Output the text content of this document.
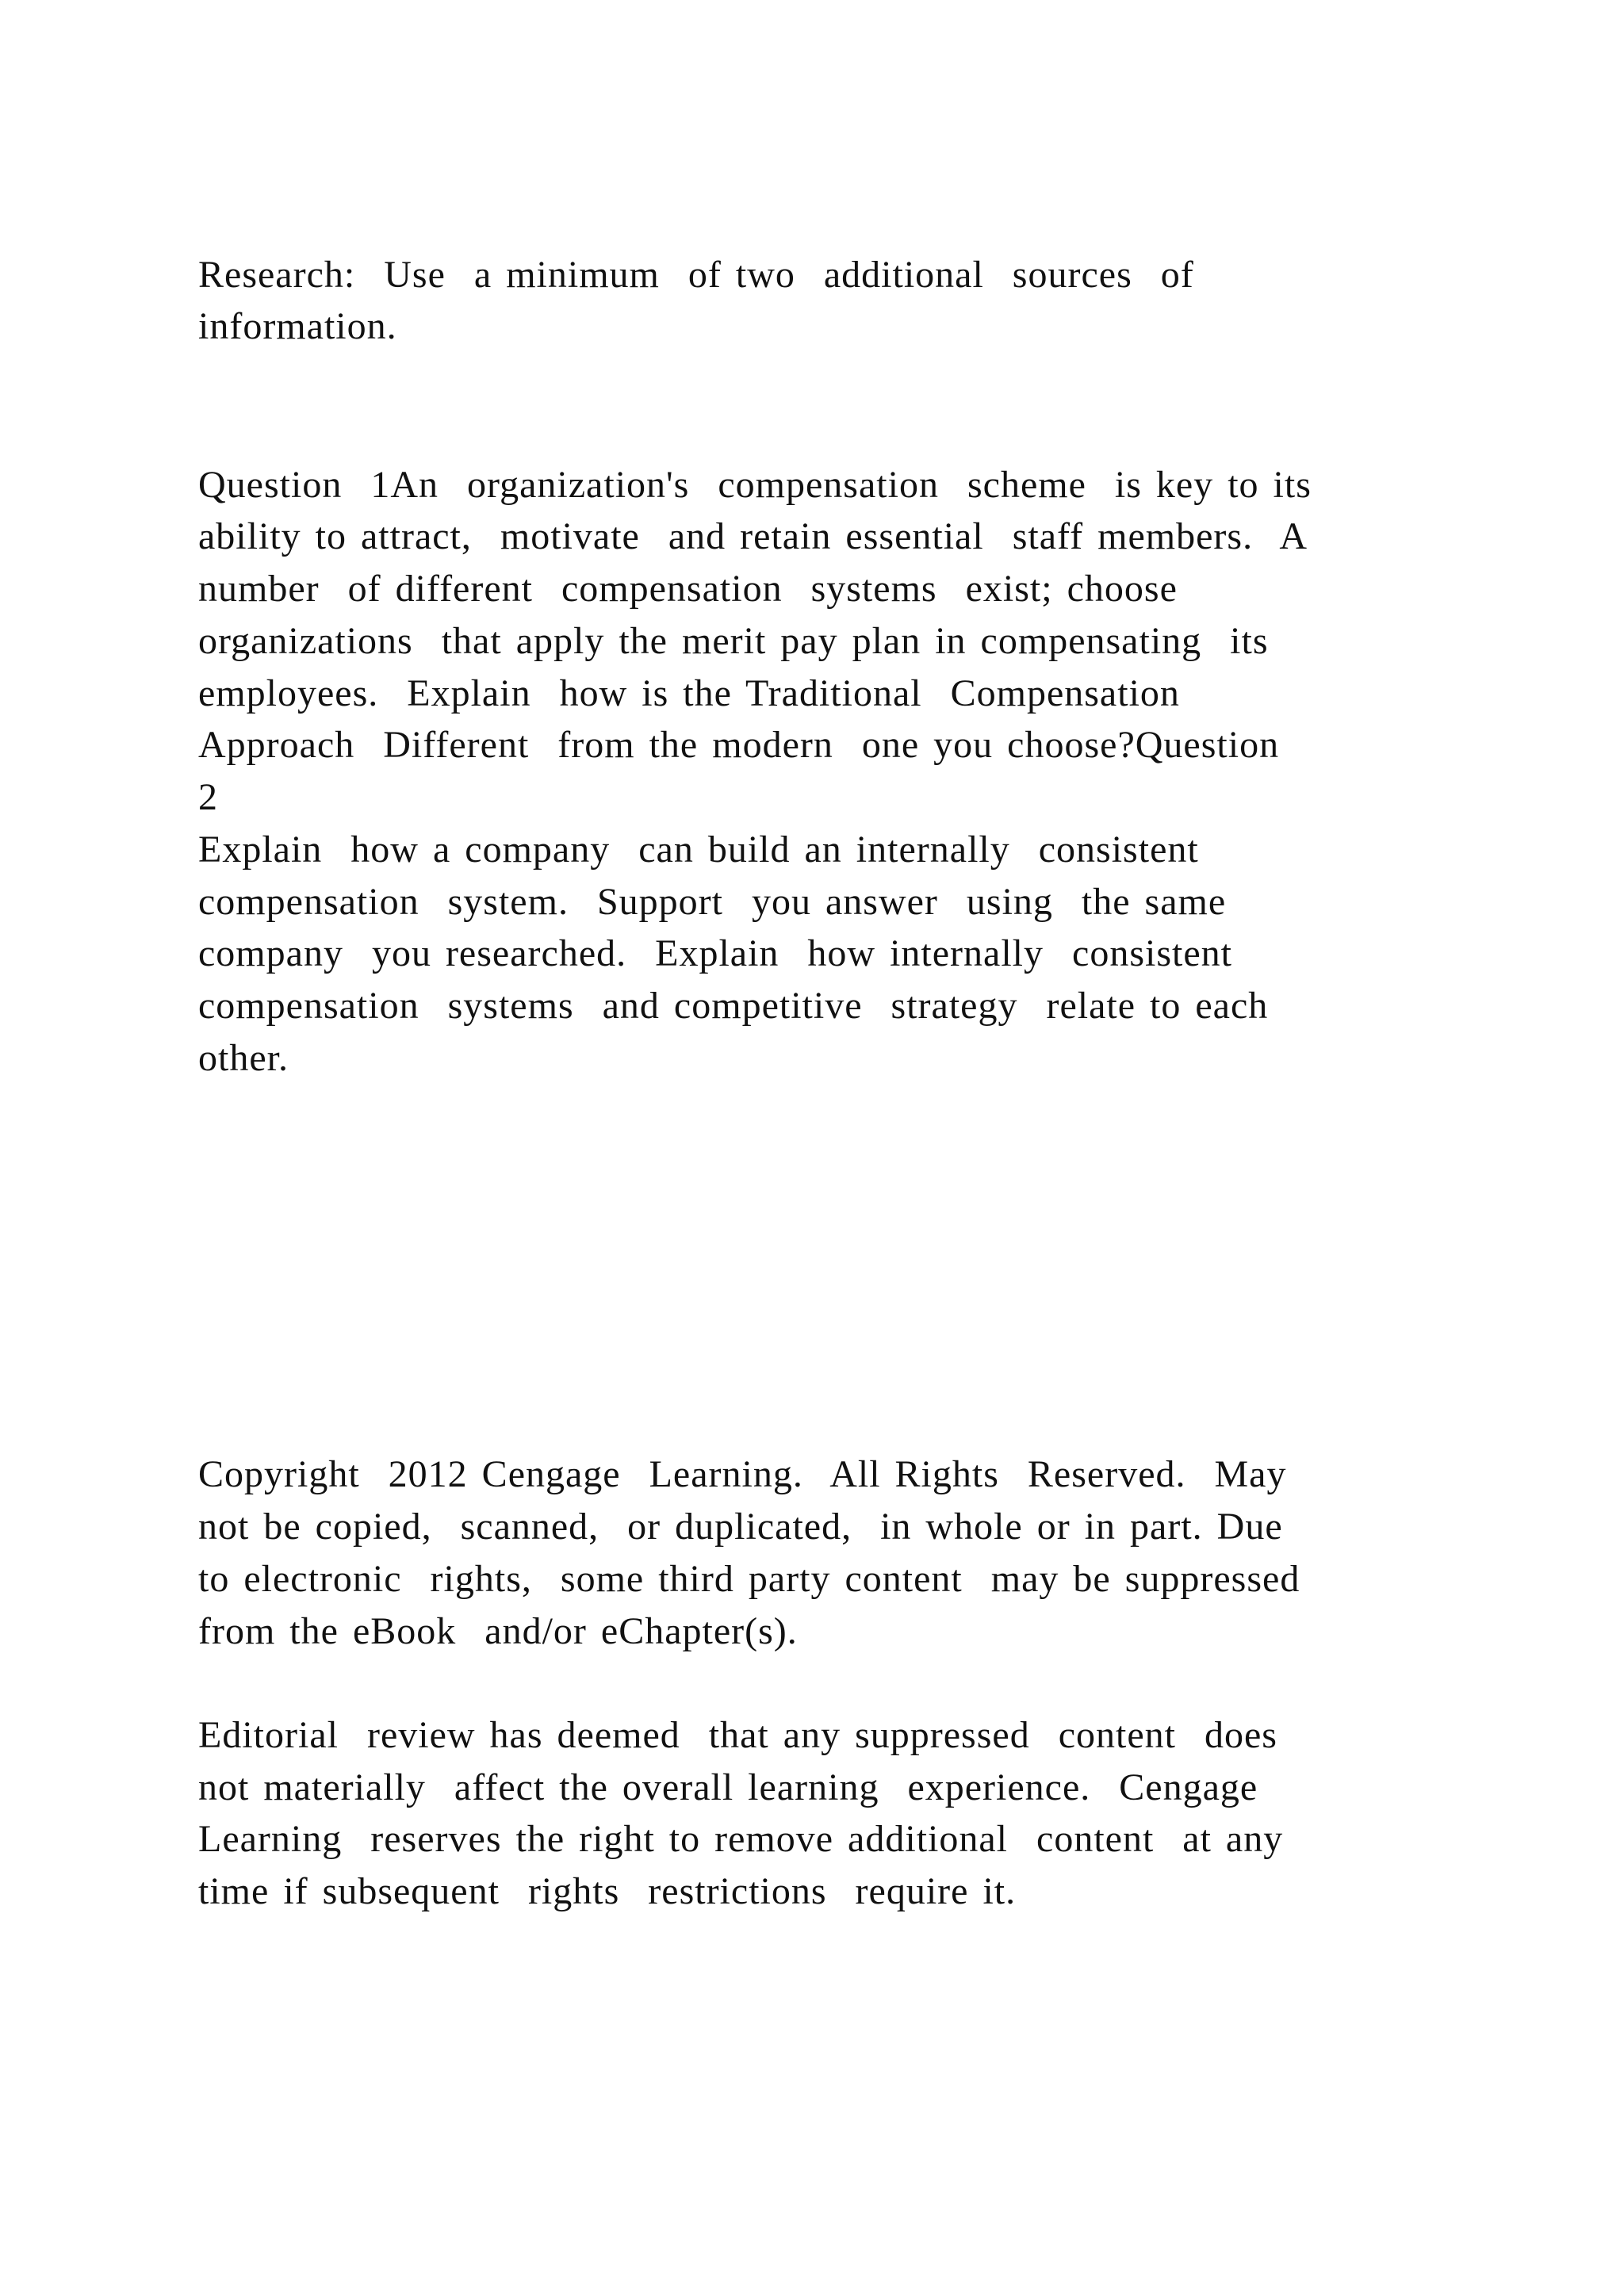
Research:  Use  a minimum  of two  additional  sources  of

information.

Question  1An  organization's  compensation  scheme  is key to its

ability to attract,  motivate  and retain essential  staff members.  A

number  of different  compensation  systems  exist; choose

organizations  that apply the merit pay plan in compensating  its

employees.  Explain  how is the Traditional  Compensation

Approach  Different  from the modern  one you choose?Question

2

Explain  how a company  can build an internally  consistent

compensation  system.  Support  you answer  using  the same

company  you researched.  Explain  how internally  consistent

compensation  systems  and competitive  strategy  relate to each

other.

Copyright  2012 Cengage  Learning.  All Rights  Reserved.  May

not be copied,  scanned,  or duplicated,  in whole or in part. Due

to electronic  rights,  some third party content  may be suppressed

from the eBook  and/or eChapter(s).

Editorial  review has deemed  that any suppressed  content  does

not materially  affect the overall learning  experience.  Cengage

Learning  reserves the right to remove additional  content  at any

time if subsequent  rights  restrictions  require it.
